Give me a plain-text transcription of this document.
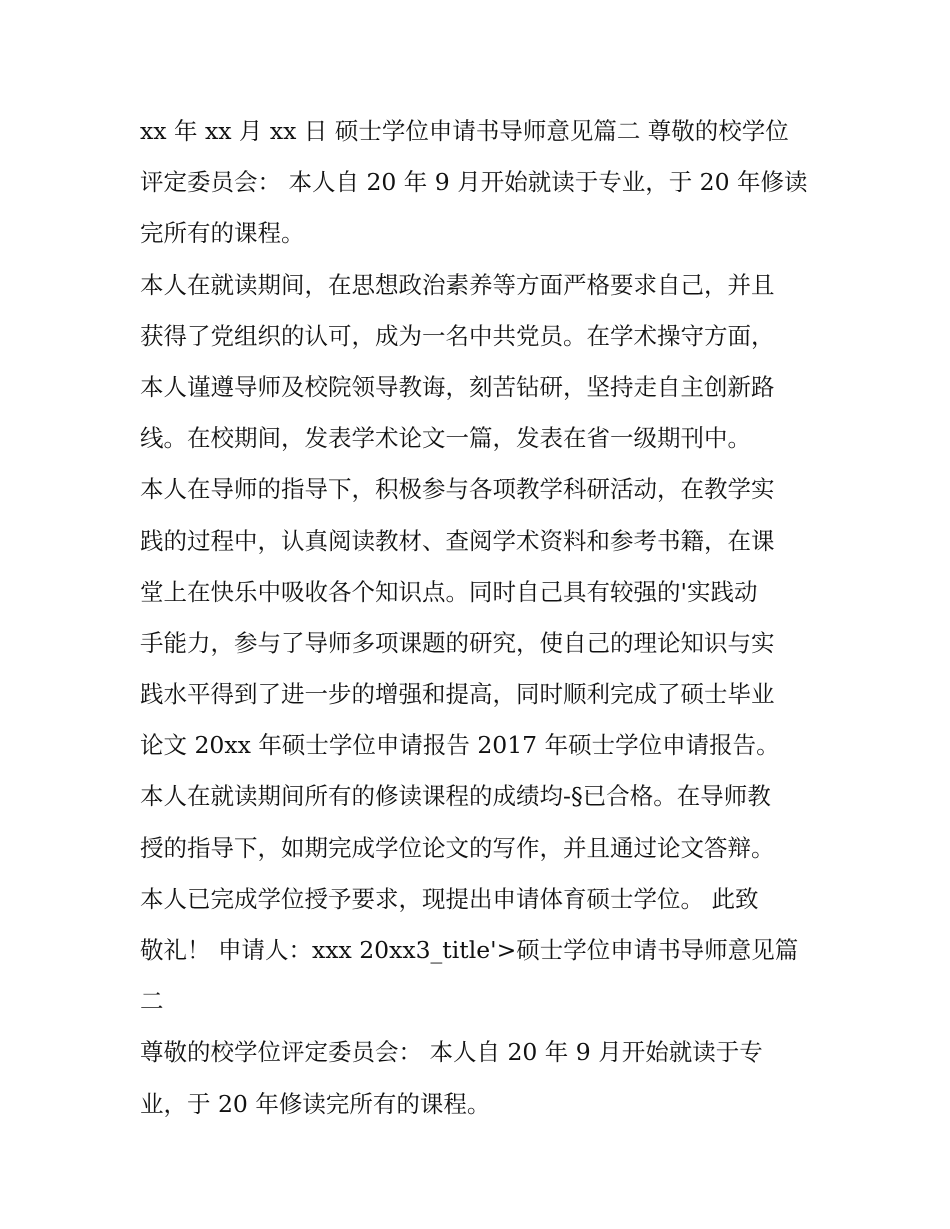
xx 年 xx 月 xx 日 硕士学位申请书导师意见篇二 尊敬的校学位
评定委员会： 本人自 20 年 9 月开始就读于专业，于 20 年修读
完所有的课程。
本人在就读期间，在思想政治素养等方面严格要求自己，并且
获得了党组织的认可，成为一名中共党员。在学术操守方面，
本人谨遵导师及校院领导教诲，刻苦钻研，坚持走自主创新路
线。在校期间，发表学术论文一篇，发表在省一级期刊中。
本人在导师的指导下，积极参与各项教学科研活动，在教学实
践的过程中，认真阅读教材、查阅学术资料和参考书籍，在课
堂上在快乐中吸收各个知识点。同时自己具有较强的'实践动
手能力，参与了导师多项课题的研究，使自己的理论知识与实
践水平得到了进一步的增强和提高，同时顺利完成了硕士毕业
论文 20xx 年硕士学位申请报告 2017 年硕士学位申请报告。
本人在就读期间所有的修读课程的成绩均-§已合格。在导师教
授的指导下，如期完成学位论文的写作，并且通过论文答辩。
本人已完成学位授予要求，现提出申请体育硕士学位。 此致
敬礼！ 申请人：xxx 20xx3_title'>硕士学位申请书导师意见篇
二
尊敬的校学位评定委员会： 本人自 20 年 9 月开始就读于专
业，于 20 年修读完所有的课程。
